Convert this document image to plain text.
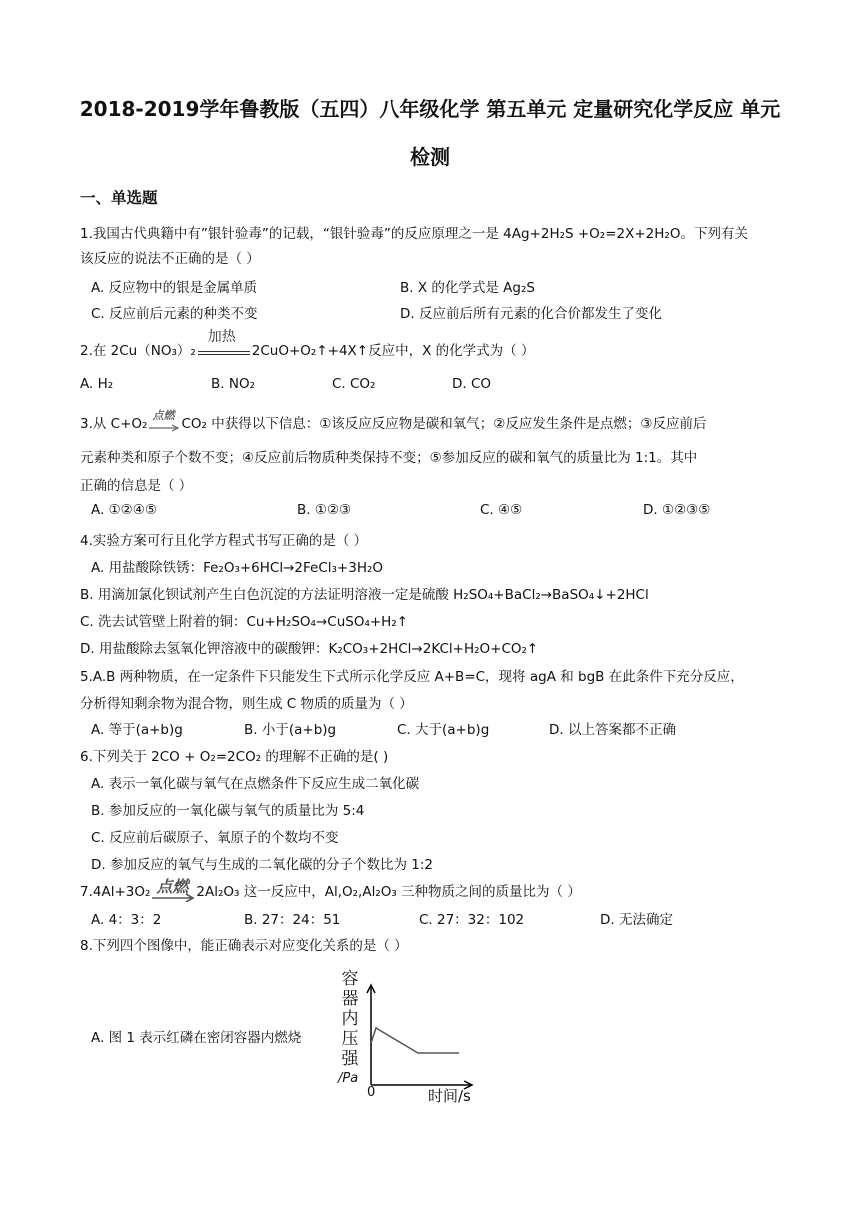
2018-2019学年鲁教版（五四）八年级化学 第五单元 定量研究化学反应 单元
检测
一、单选题
1.我国古代典籍中有”银针验毒”的记载，“银针验毒”的反应原理之一是 4Ag+2H₂S +O₂=2X+2H₂O。下列有关
该反应的说法不正确的是（ ）
A. 反应物中的银是金属单质	B. X 的化学式是 Ag₂S
C. 反应前后元素的种类不变	D. 反应前后所有元素的化合价都发生了变化
2.在 2Cu（NO₃）₂
加热
2CuO+O₂↑+4X↑反应中，X 的化学式为（ ）
A. H₂	B. NO₂	C. CO₂	D. CO
3.从 C+O₂
点燃
CO₂ 中获得以下信息：①该反应反应物是碳和氧气；②反应发生条件是点燃；③反应前后
元素种类和原子个数不变；④反应前后物质种类保持不变；⑤参加反应的碳和氧气的质量比为 1:1。其中
正确的信息是（ ）
A. ①②④⑤	B. ①②③	C. ④⑤	D. ①②③⑤
4.实验方案可行且化学方程式书写正确的是（ ）
A. 用盐酸除铁锈：Fe₂O₃+6HCl→2FeCl₃+3H₂O
B. 用滴加氯化钡试剂产生白色沉淀的方法证明溶液一定是硫酸 H₂SO₄+BaCl₂→BaSO₄↓+2HCl
C. 洗去试管壁上附着的铜：Cu+H₂SO₄→CuSO₄+H₂↑
D. 用盐酸除去氢氧化钾溶液中的碳酸钾：K₂CO₃+2HCl→2KCl+H₂O+CO₂↑
5.A.B 两种物质，在一定条件下只能发生下式所示化学反应 A+B=C，现将 agA 和 bgB 在此条件下充分反应，
分析得知剩余物为混合物，则生成 C 物质的质量为（ ）
A. 等于(a+b)g	B. 小于(a+b)g	C. 大于(a+b)g	D. 以上答案都不正确
6.下列关于 2CO + O₂=2CO₂ 的理解不正确的是( )
A. 表示一氧化碳与氧气在点燃条件下反应生成二氧化碳
B. 参加反应的一氧化碳与氧气的质量比为 5:4
C. 反应前后碳原子、氧原子的个数均不变
D. 参加反应的氧气与生成的二氧化碳的分子个数比为 1:2
7.4Al+3O₂ 点燃 2Al₂O₃ 这一反应中，Al,O₂,Al₂O₃ 三种物质之间的质量比为（ ）
A. 4：3：2	B. 27：24：51	C. 27：32：102	D. 无法确定
8.下列四个图像中，能正确表示对应变化关系的是（ ）
A. 图 1 表示红磷在密闭容器内燃烧
容
器
内
压
强
/Pa
0	时间/s
